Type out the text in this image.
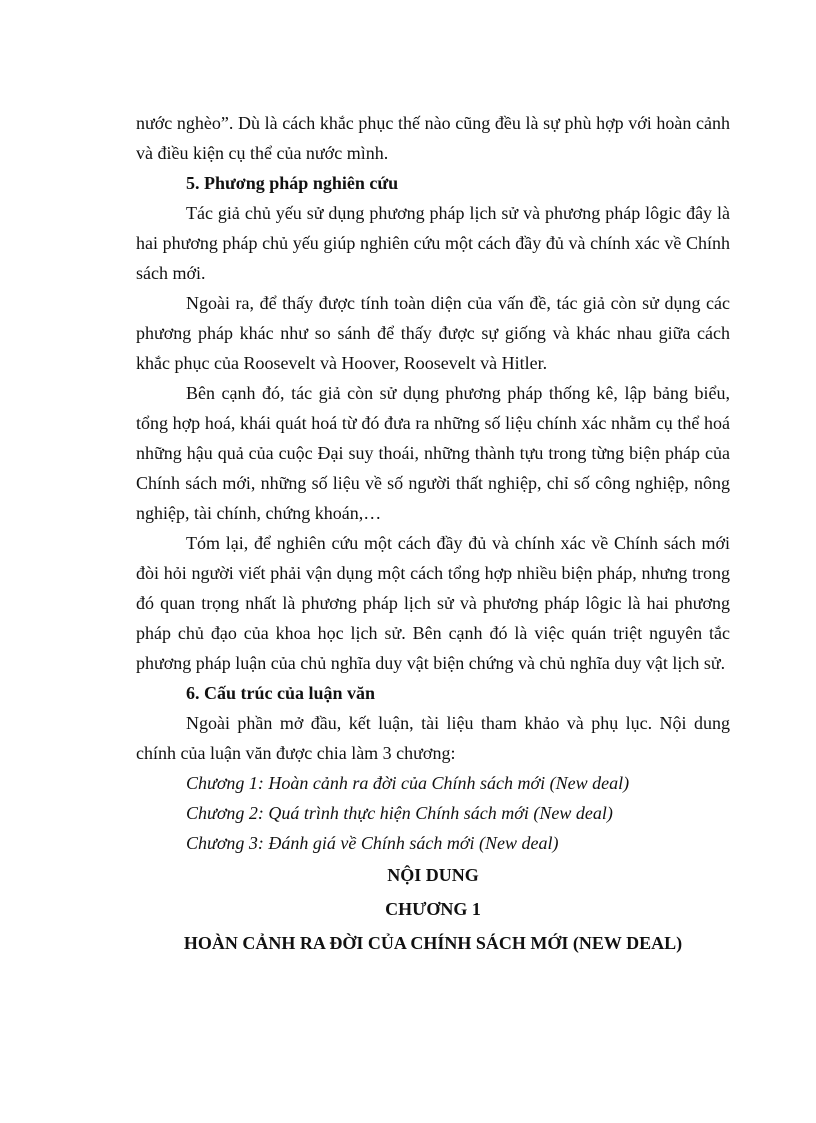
nước nghèo”. Dù là cách khắc phục thế nào cũng đều là sự phù hợp với hoàn cảnh và điều kiện cụ thể của nước mình.

5. Phương pháp nghiên cứu

Tác giả chủ yếu sử dụng phương pháp lịch sử và phương pháp lôgic đây là hai phương pháp chủ yếu giúp nghiên cứu một cách đầy đủ và chính xác về Chính sách mới.

Ngoài ra, để thấy được tính toàn diện của vấn đề, tác giả còn sử dụng các phương pháp khác như so sánh để thấy được sự giống và khác nhau giữa cách khắc phục của Roosevelt và Hoover, Roosevelt và Hitler.

Bên cạnh đó, tác giả còn sử dụng phương pháp thống kê, lập bảng biểu, tổng hợp hoá, khái quát hoá từ đó đưa ra những số liệu chính xác nhằm cụ thể hoá những hậu quả của cuộc Đại suy thoái, những thành tựu trong từng biện pháp của Chính sách mới, những số liệu về số người thất nghiệp, chỉ số công nghiệp, nông nghiệp, tài chính, chứng khoán,…

Tóm lại, để nghiên cứu một cách đầy đủ và chính xác về Chính sách mới đòi hỏi người viết phải vận dụng một cách tổng hợp nhiều biện pháp, nhưng trong đó quan trọng nhất là phương pháp lịch sử và phương pháp lôgic là hai phương pháp chủ đạo của khoa học lịch sử. Bên cạnh đó là việc quán triệt nguyên tắc phương pháp luận của chủ nghĩa duy vật biện chứng và chủ nghĩa duy vật lịch sử.

6. Cấu trúc của luận văn

Ngoài phần mở đầu, kết luận, tài liệu tham khảo và phụ lục. Nội dung chính của luận văn được chia làm 3 chương:

Chương 1: Hoàn cảnh ra đời của Chính sách mới (New deal)

Chương 2: Quá trình thực hiện Chính sách mới (New deal)

Chương 3: Đánh giá về Chính sách mới (New deal)

NỘI DUNG

CHƯƠNG 1

HOÀN CẢNH RA ĐỜI CỦA CHÍNH SÁCH MỚI (NEW DEAL)
